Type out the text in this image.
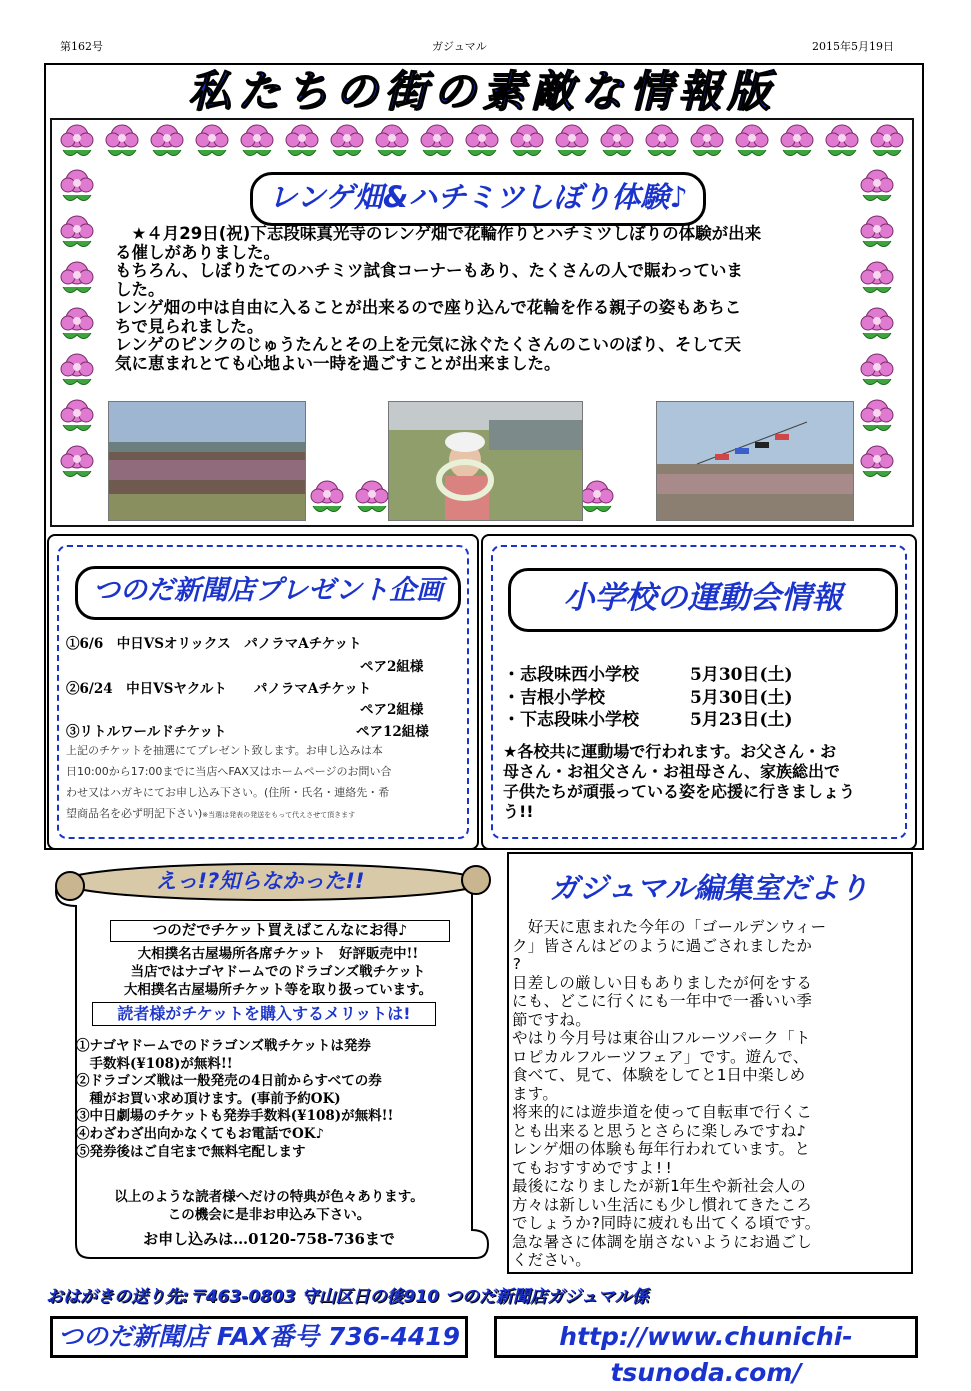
第162号	ガジュマル	2015年5月19日
私たちの街の素敵な情報版
レンゲ畑&ハチミツしぼり体験♪
　★４月29日(祝)下志段味真光寺のレンゲ畑で花輪作りとハチミツしぼりの体験が出来
る催しがありました。
もちろん、しぼりたてのハチミツ試食コーナーもあり、たくさんの人で賑わっていま
した。
レンゲ畑の中は自由に入ることが出来るので座り込んで花輪を作る親子の姿もあちこ
ちで見られました。
レンゲのピンクのじゅうたんとその上を元気に泳ぐたくさんのこいのぼり、そして天
気に恵まれとても心地よい一時を過ごすことが出来ました。
つのだ新聞店プレゼント企画
①6/6　中日VSオリックス　パノラマAチケット
ペア2組様
②6/24　中日VSヤクルト　　パノラマAチケット
ペア2組様
③リトルワールドチケット	ペア12組様
上記のチケットを抽選にてプレゼント致します。お申し込みは本
日10:00から17:00までに当店へFAX又はホームページのお問い合
わせ又はハガキにてお申し込み下さい。(住所・氏名・連絡先・希
望商品名を必ず明記下さい)※当選は発表の発送をもって代えさせて頂きます
小学校の運動会情報
・志段味西小学校	5月30日(土)
・吉根小学校	5月30日(土)
・下志段味小学校	5月23日(土)
★各校共に運動場で行われます。お父さん・お
母さん・お祖父さん・お祖母さん、家族総出で
子供たちが頑張っている姿を応援に行きましょう
う!!
えっ!?知らなかった!!
つのだでチケット買えばこんなにお得♪
大相撲名古屋場所各席チケット　好評販売中!!
当店ではナゴヤドームでのドラゴンズ戦チケット
大相撲名古屋場所チケット等を取り扱っています。
読者様がチケットを購入するメリットは!
①ナゴヤドームでのドラゴンズ戦チケットは発券
　手数料(¥108)が無料!!
②ドラゴンズ戦は一般発売の4日前からすべての券
　種がお買い求め頂けます。(事前予約OK)
③中日劇場のチケットも発券手数料(¥108)が無料!!
④わざわざ出向かなくてもお電話でOK♪
⑤発券後はご自宅まで無料宅配します
以上のような読者様へだけの特典が色々あります。
この機会に是非お申込み下さい。
お申し込みは…0120-758-736まで
ガジュマル編集室だより
　好天に恵まれた今年の「ゴールデンウィー
ク」皆さんはどのように過ごされましたか
?
日差しの厳しい日もありましたが何をする
にも、どこに行くにも一年中で一番いい季
節ですね。
やはり今月号は東谷山フルーツパーク「ト
ロピカルフルーツフェア」です。遊んで、
食べて、見て、体験をしてと1日中楽しめ
ます。
将来的には遊歩道を使って自転車で行くこ
とも出来ると思うとさらに楽しみですね♪
レンゲ畑の体験も毎年行われています。と
てもおすすめですよ!!
最後になりましたが新1年生や新社会人の
方々は新しい生活にも少し慣れてきたころ
でしょうか?同時に疲れも出てくる頃です。
急な暑さに体調を崩さないようにお過ごし
ください。
おはがきの送り先:〒463-0803 守山区日の後910 つのだ新聞店ガジュマル係
つのだ新聞店 FAX番号 736-4419	http://www.chunichi-tsunoda.com/
